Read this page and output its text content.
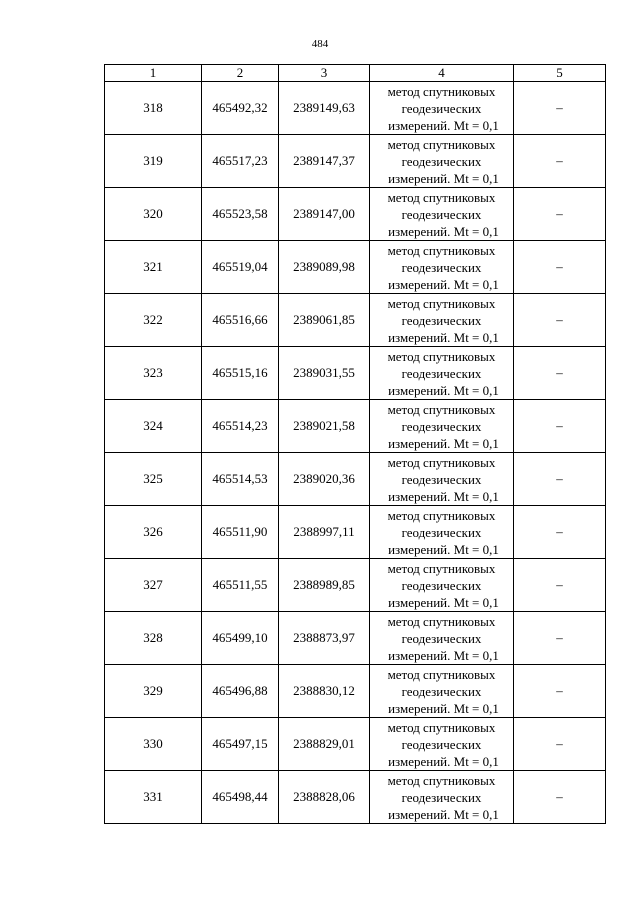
484
1	2	3	4	5
318	465492,32	2389149,63	метод спутниковых
геодезических
измерений. Mt = 0,1	–
319	465517,23	2389147,37	метод спутниковых
геодезических
измерений. Mt = 0,1	–
320	465523,58	2389147,00	метод спутниковых
геодезических
измерений. Mt = 0,1	–
321	465519,04	2389089,98	метод спутниковых
геодезических
измерений. Mt = 0,1	–
322	465516,66	2389061,85	метод спутниковых
геодезических
измерений. Mt = 0,1	–
323	465515,16	2389031,55	метод спутниковых
геодезических
измерений. Mt = 0,1	–
324	465514,23	2389021,58	метод спутниковых
геодезических
измерений. Mt = 0,1	–
325	465514,53	2389020,36	метод спутниковых
геодезических
измерений. Mt = 0,1	–
326	465511,90	2388997,11	метод спутниковых
геодезических
измерений. Mt = 0,1	–
327	465511,55	2388989,85	метод спутниковых
геодезических
измерений. Mt = 0,1	–
328	465499,10	2388873,97	метод спутниковых
геодезических
измерений. Mt = 0,1	–
329	465496,88	2388830,12	метод спутниковых
геодезических
измерений. Mt = 0,1	–
330	465497,15	2388829,01	метод спутниковых
геодезических
измерений. Mt = 0,1	–
331	465498,44	2388828,06	метод спутниковых
геодезических
измерений. Mt = 0,1	–
